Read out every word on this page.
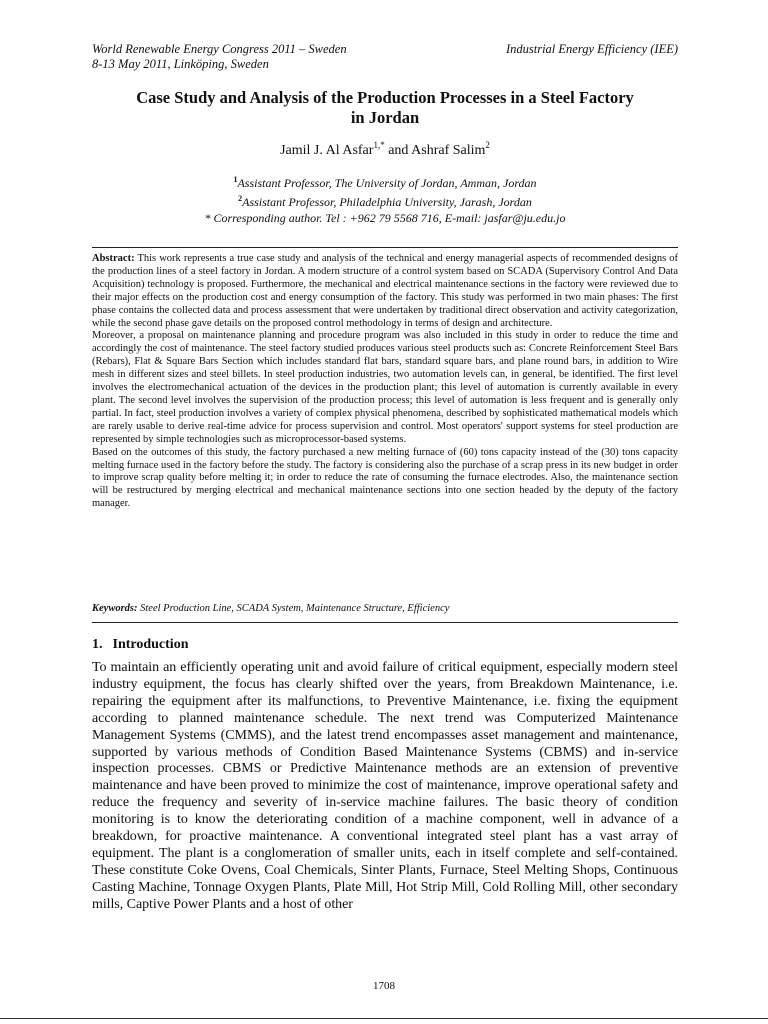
World Renewable Energy Congress 2011 – Sweden
8-13 May 2011, Linköping, Sweden
Industrial Energy Efficiency (IEE)
Case Study and Analysis of the Production Processes in a Steel Factory
in Jordan
Jamil J. Al Asfar$^{1,*}$ and Ashraf Salim$^2$
$^1$Assistant Professor, The University of Jordan, Amman, Jordan
$^2$Assistant Professor, Philadelphia University, Jarash, Jordan
* Corresponding author. Tel : +962 79 5568 716, E-mail: jasfar@ju.edu.jo

Abstract: This work represents a true case study and analysis of the technical and energy managerial aspects of recommended designs of the production lines of a steel factory in Jordan. A modern structure of a control system based on SCADA (Supervisory Control And Data Acquisition) technology is proposed. Furthermore, the mechanical and electrical maintenance sections in the factory were reviewed due to their major effects on the production cost and energy consumption of the factory. This study was performed in two main phases: The first phase contains the collected data and process assessment that were undertaken by traditional direct observation and activity categorization, while the second phase gave details on the proposed control methodology in terms of design and architecture.

Moreover, a proposal on maintenance planning and procedure program was also included in this study in order to reduce the time and accordingly the cost of maintenance. The steel factory studied produces various steel products such as: Concrete Reinforcement Steel Bars (Rebars), Flat & Square Bars Section which includes standard flat bars, standard square bars, and plane round bars, in addition to Wire mesh in different sizes and steel billets. In steel production industries, two automation levels can, in general, be identified. The first level involves the electromechanical actuation of the devices in the production plant; this level of automation is currently available in every plant. The second level involves the supervision of the production process; this level of automation is less frequent and is generally only partial. In fact, steel production involves a variety of complex physical phenomena, described by sophisticated mathematical models which are rarely usable to derive real-time advice for process supervision and control. Most operators' support systems for steel production are represented by simple technologies such as microprocessor-based systems.

Based on the outcomes of this study, the factory purchased a new melting furnace of (60) tons capacity instead of the (30) tons capacity melting furnace used in the factory before the study. The factory is considering also the purchase of a scrap press in its new budget in order to improve scrap quality before melting it; in order to reduce the rate of consuming the furnace electrodes. Also, the maintenance section will be restructured by merging electrical and mechanical maintenance sections into one section headed by the deputy of the factory manager.

Keywords: Steel Production Line, SCADA System, Maintenance Structure, Efficiency
1. Introduction

To maintain an efficiently operating unit and avoid failure of critical equipment, especially modern steel industry equipment, the focus has clearly shifted over the years, from Breakdown Maintenance, i.e. repairing the equipment after its malfunctions, to Preventive Maintenance, i.e. fixing the equipment according to planned maintenance schedule. The next trend was Computerized Maintenance Management Systems (CMMS), and the latest trend encompasses asset management and maintenance, supported by various methods of Condition Based Maintenance Systems (CBMS) and in-service inspection processes. CBMS or Predictive Maintenance methods are an extension of preventive maintenance and have been proved to minimize the cost of maintenance, improve operational safety and reduce the frequency and severity of in-service machine failures. The basic theory of condition monitoring is to know the deteriorating condition of a machine component, well in advance of a breakdown, for proactive maintenance. A conventional integrated steel plant has a vast array of equipment. The plant is a conglomeration of smaller units, each in itself complete and self-contained. These constitute Coke Ovens, Coal Chemicals, Sinter Plants, Furnace, Steel Melting Shops, Continuous Casting Machine, Tonnage Oxygen Plants, Plate Mill, Hot Strip Mill, Cold Rolling Mill, other secondary mills, Captive Power Plants and a host of other

1708
